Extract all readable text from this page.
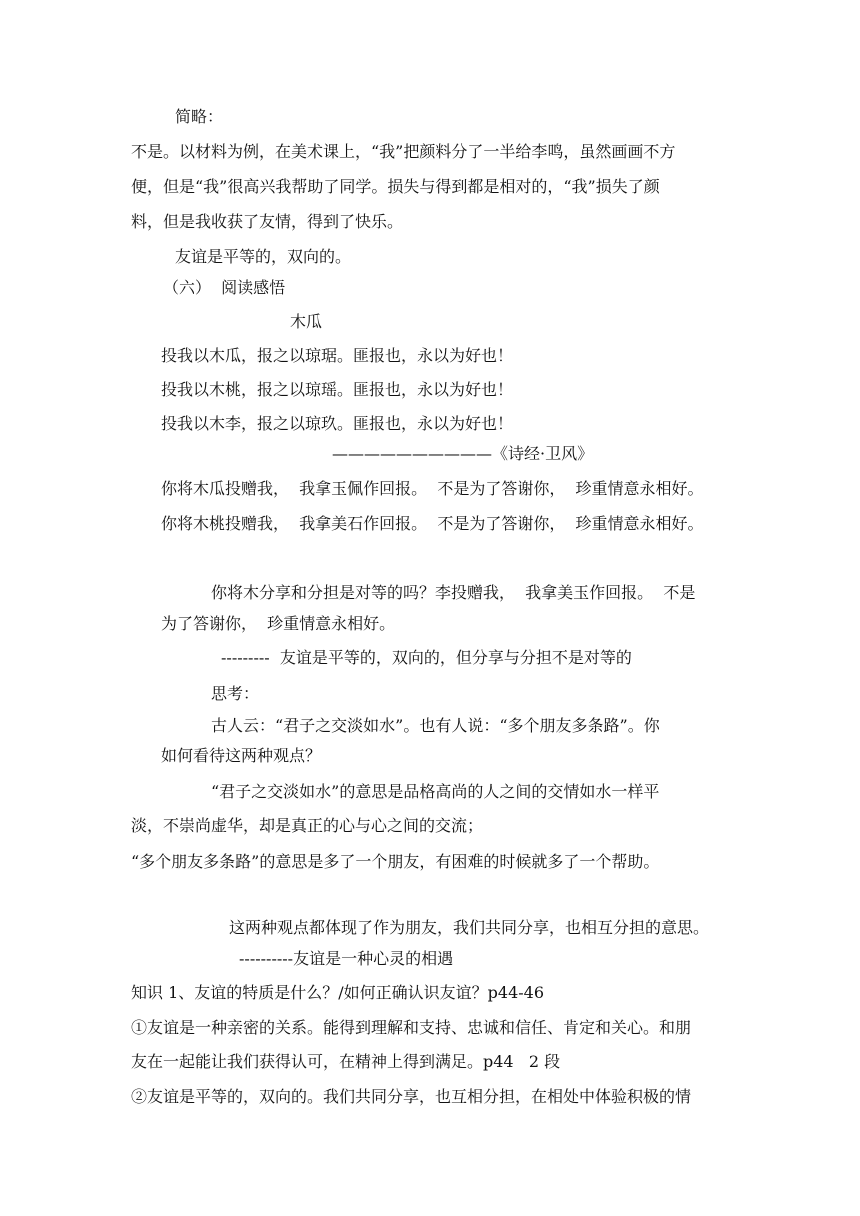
简略：
不是。以材料为例，在美术课上，“我”把颜料分了一半给李鸣，虽然画画不方
便，但是“我”很高兴我帮助了同学。损失与得到都是相对的，“我”损失了颜
料，但是我收获了友情，得到了快乐。
友谊是平等的，双向的。
（六）  阅读感悟
木瓜
投我以木瓜，报之以琼琚。匪报也，永以为好也！
投我以木桃，报之以琼瑶。匪报也，永以为好也！
投我以木李，报之以琼玖。匪报也，永以为好也！
——————————《诗经·卫风》
你将木瓜投赠我，  我拿玉佩作回报。  不是为了答谢你，  珍重情意永相好。
你将木桃投赠我，  我拿美石作回报。  不是为了答谢你，  珍重情意永相好。
你将木分享和分担是对等的吗？李投赠我，  我拿美玉作回报。  不是
为了答谢你，  珍重情意永相好。
---------  友谊是平等的，双向的，但分享与分担不是对等的
思考：
古人云：“君子之交淡如水”。也有人说：“多个朋友多条路”。你
如何看待这两种观点？
“君子之交淡如水”的意思是品格高尚的人之间的交情如水一样平
淡，不崇尚虚华，却是真正的心与心之间的交流；
“多个朋友多条路”的意思是多了一个朋友，有困难的时候就多了一个帮助。
这两种观点都体现了作为朋友，我们共同分享，也相互分担的意思。
----------友谊是一种心灵的相遇
知识 1、友谊的特质是什么？/如何正确认识友谊？p44-46
①友谊是一种亲密的关系。能得到理解和支持、忠诚和信任、肯定和关心。和朋
友在一起能让我们获得认可，在精神上得到满足。p44   2 段
②友谊是平等的，双向的。我们共同分享，也互相分担，在相处中体验积极的情
